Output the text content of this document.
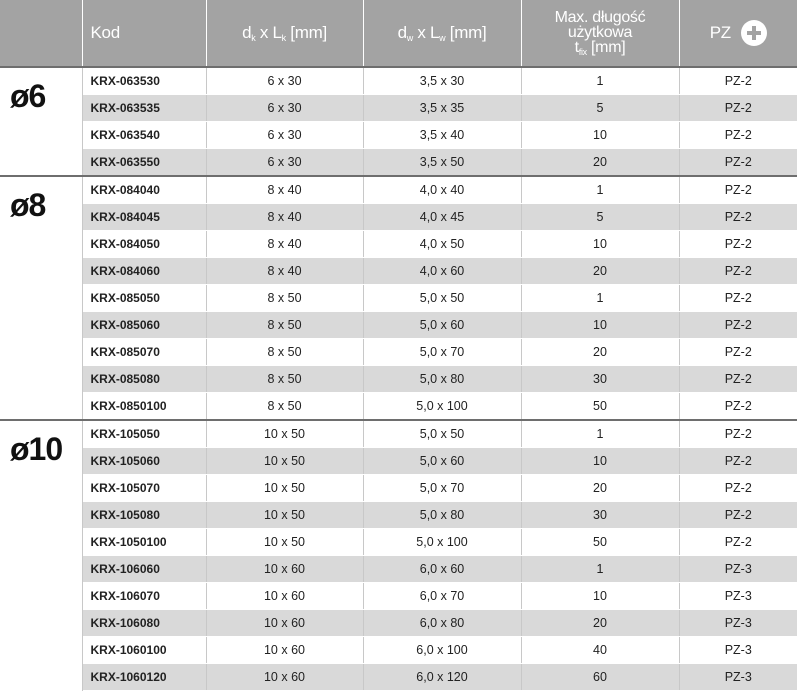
	Kod	$d_k$ x $L_k$ [mm]	$d_w$ x $L_w$ [mm]	Max. długość
użytkowa
$t_{fix}$ [mm]	PZ

ø6	KRX-063530	6 x 30	3,5 x 30	1	PZ-2
	KRX-063535	6 x 30	3,5 x 35	5	PZ-2
	KRX-063540	6 x 30	3,5 x 40	10	PZ-2
	KRX-063550	6 x 30	3,5 x 50	20	PZ-2
ø8	KRX-084040	8 x 40	4,0 x 40	1	PZ-2
	KRX-084045	8 x 40	4,0 x 45	5	PZ-2
	KRX-084050	8 x 40	4,0 x 50	10	PZ-2
	KRX-084060	8 x 40	4,0 x 60	20	PZ-2
	KRX-085050	8 x 50	5,0 x 50	1	PZ-2
	KRX-085060	8 x 50	5,0 x 60	10	PZ-2
	KRX-085070	8 x 50	5,0 x 70	20	PZ-2
	KRX-085080	8 x 50	5,0 x 80	30	PZ-2
	KRX-0850100	8 x 50	5,0 x 100	50	PZ-2
ø10	KRX-105050	10 x 50	5,0 x 50	1	PZ-2
	KRX-105060	10 x 50	5,0 x 60	10	PZ-2
	KRX-105070	10 x 50	5,0 x 70	20	PZ-2
	KRX-105080	10 x 50	5,0 x 80	30	PZ-2
	KRX-1050100	10 x 50	5,0 x 100	50	PZ-2
	KRX-106060	10 x 60	6,0 x 60	1	PZ-3
	KRX-106070	10 x 60	6,0 x 70	10	PZ-3
	KRX-106080	10 x 60	6,0 x 80	20	PZ-3
	KRX-1060100	10 x 60	6,0 x 100	40	PZ-3
	KRX-1060120	10 x 60	6,0 x 120	60	PZ-3
